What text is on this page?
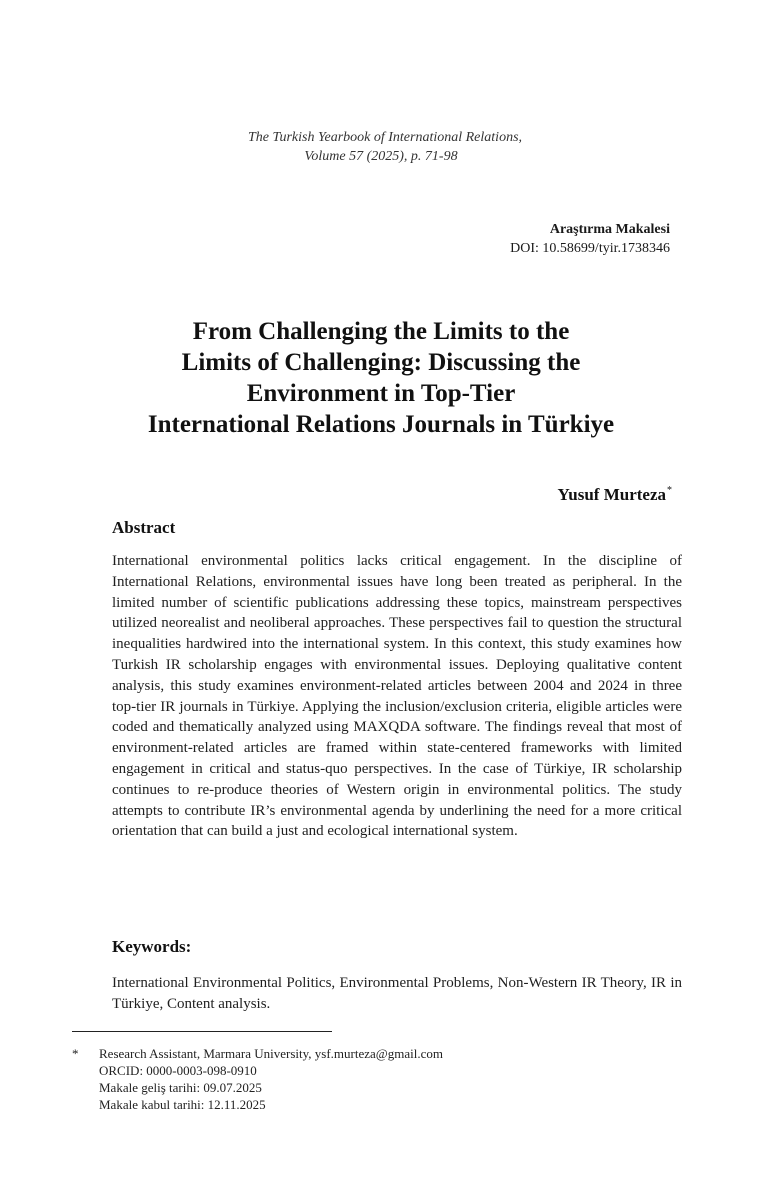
The Turkish Yearbook of International Relations,
Volume 57 (2025), p. 71-98
Araştırma Makalesi
DOI: 10.58699/tyir.1738346
From Challenging the Limits to the
Limits of Challenging: Discussing the
Environment in Top-Tier
International Relations Journals in Türkiye
Yusuf Murteza*
Abstract
International environmental politics lacks critical engagement. In the discipline of International Relations, environmental issues have long been treated as peripheral. In the limited number of scientific publications addressing these topics, mainstream perspectives utilized neorealist and neoliberal approaches. These perspectives fail to question the structural inequalities hardwired into the international system. In this context, this study examines how Turkish IR scholarship engages with environmental issues. Deploying qualitative content analysis, this study examines environment-related articles between 2004 and 2024 in three top-tier IR journals in Türkiye. Applying the inclusion/exclusion criteria, eligible articles were coded and thematically analyzed using MAXQDA software. The findings reveal that most of environment-related articles are framed within state-centered frameworks with limited engagement in critical and status-quo perspectives. In the case of Türkiye, IR scholarship continues to re-produce theories of Western origin in environmental politics. The study attempts to contribute IR’s environmental agenda by underlining the need for a more critical orientation that can build a just and ecological international system.
Keywords:
International Environmental Politics, Environmental Problems, Non-Western IR Theory, IR in Türkiye, Content analysis.
*	Research Assistant, Marmara University, ysf.murteza@gmail.com
ORCID: 0000-0003-098-0910
Makale geliş tarihi: 09.07.2025
Makale kabul tarihi: 12.11.2025
